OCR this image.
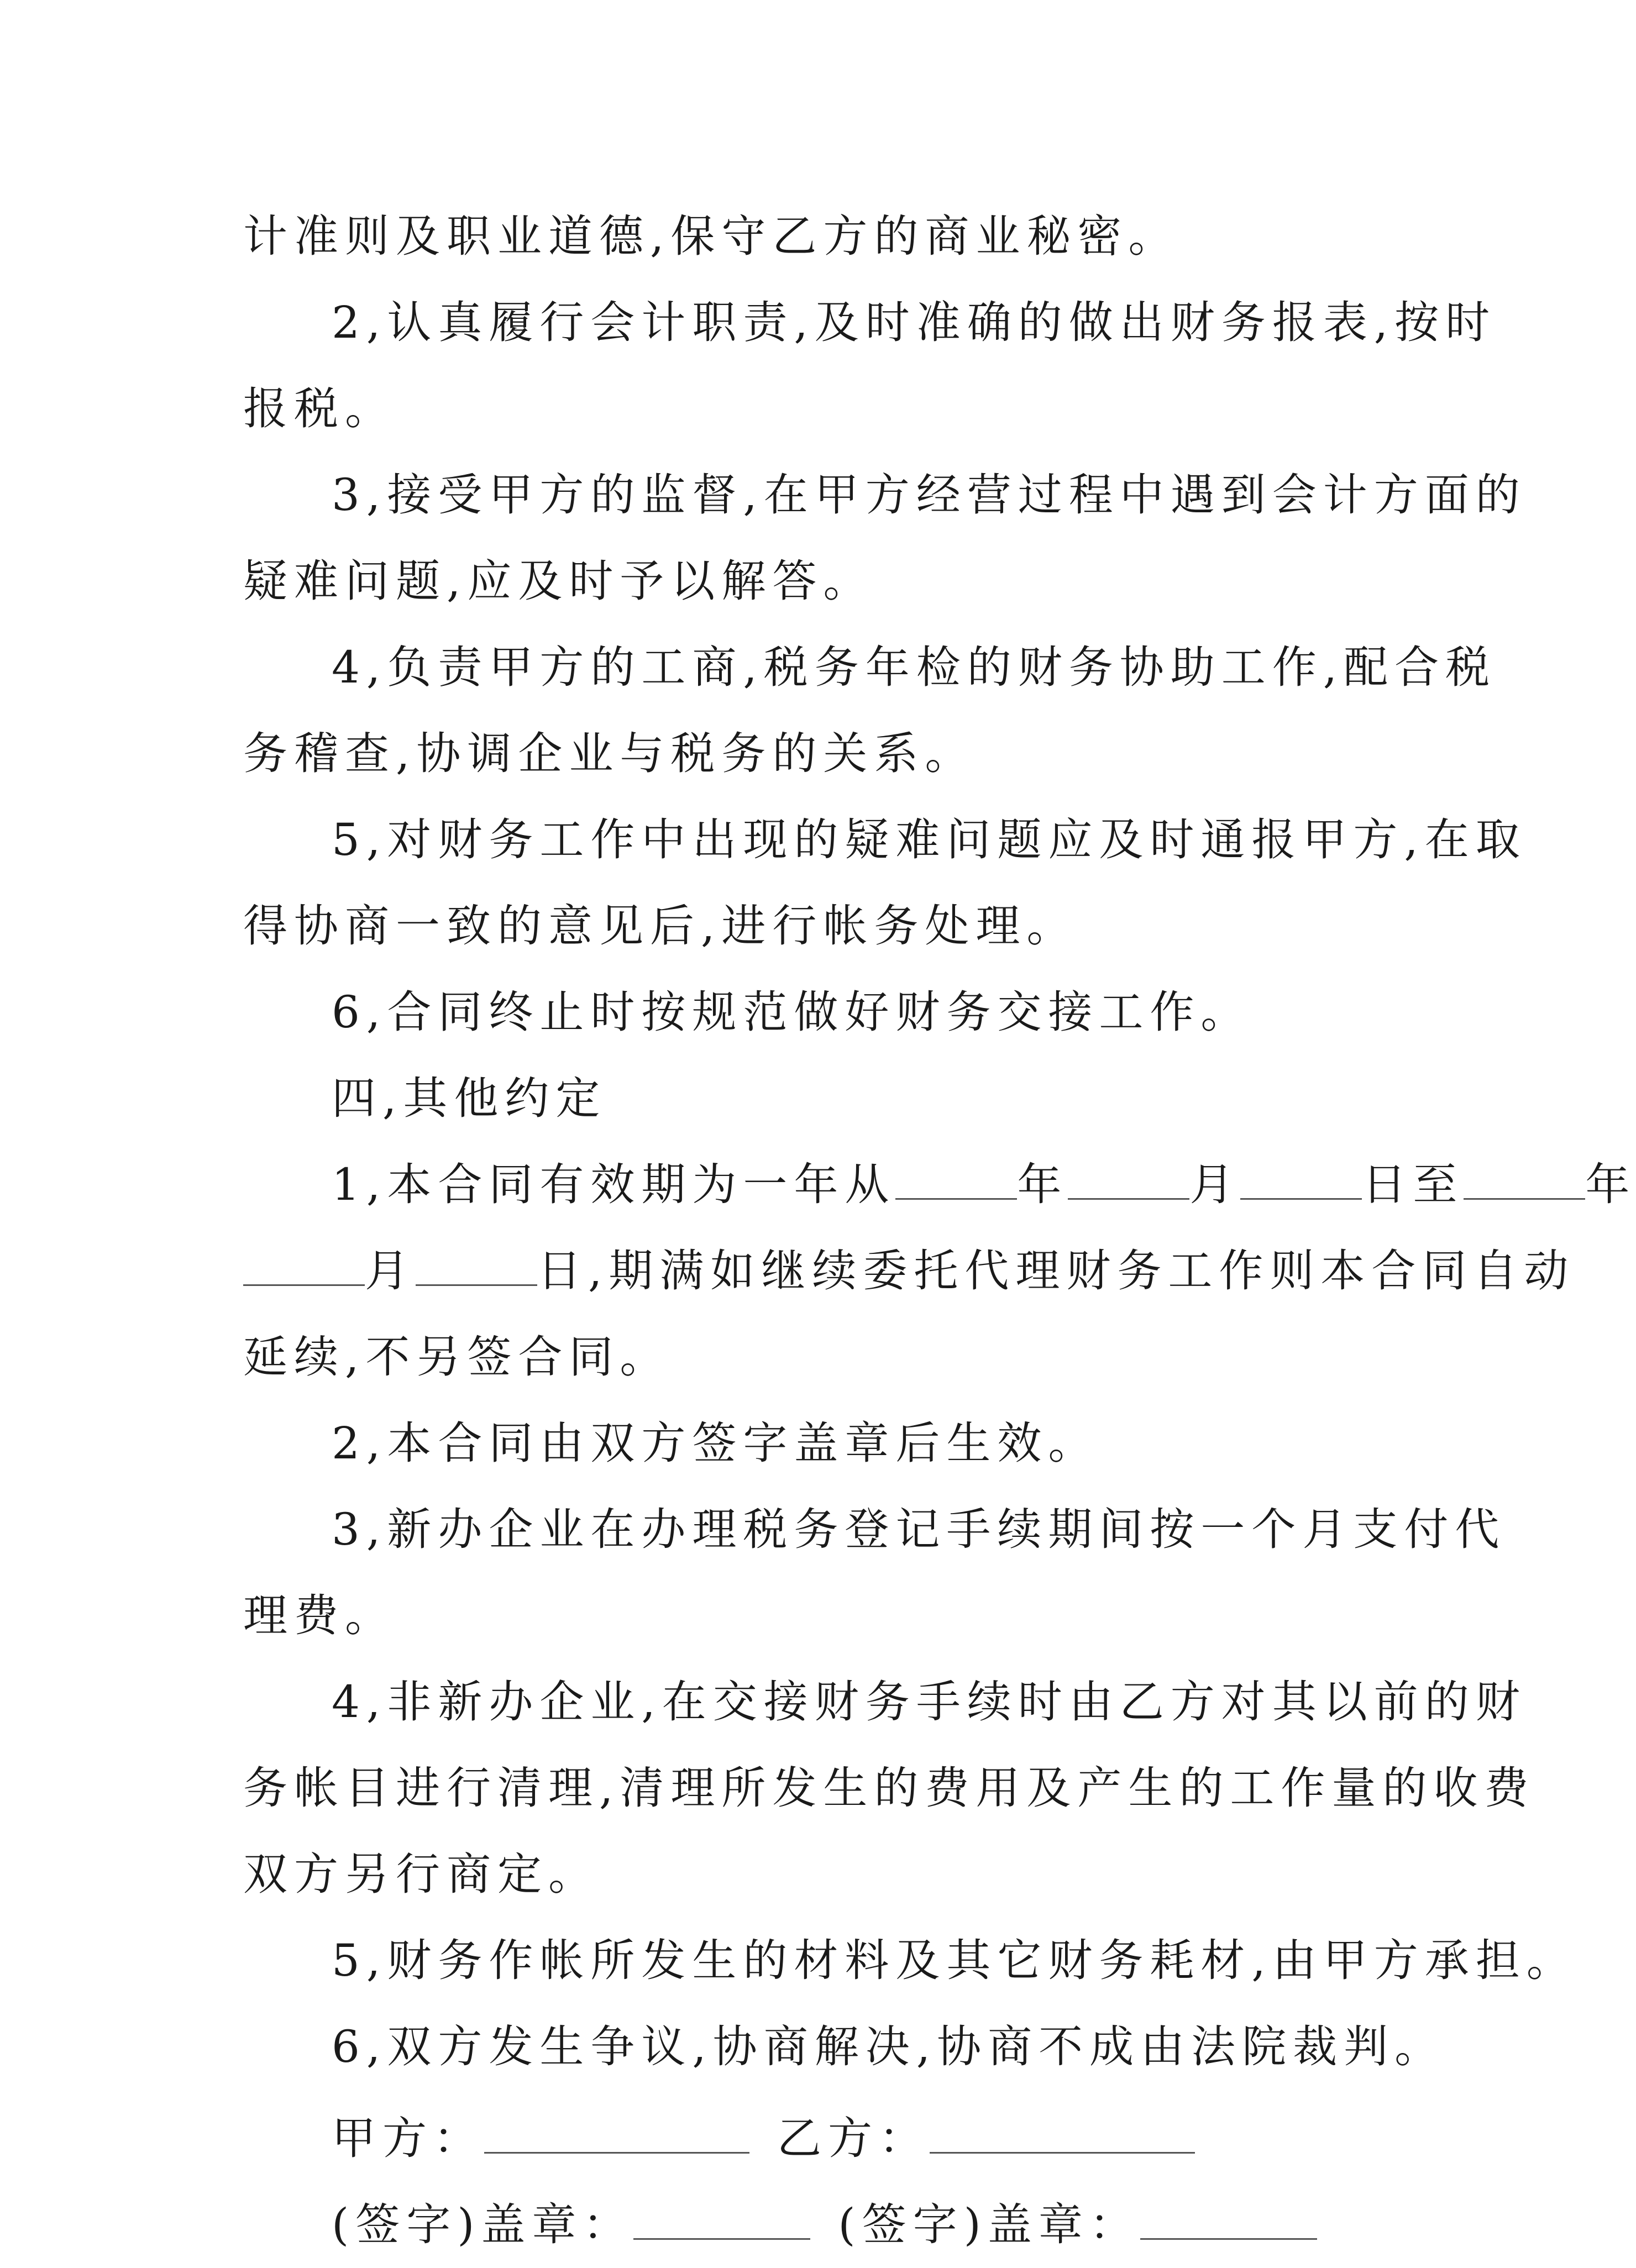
计准则及职业道德,保守乙方的商业秘密。
2,认真履行会计职责,及时准确的做出财务报表,按时
报税。
3,接受甲方的监督,在甲方经营过程中遇到会计方面的
疑难问题,应及时予以解答。
4,负责甲方的工商,税务年检的财务协助工作,配合税
务稽查,协调企业与税务的关系。
5,对财务工作中出现的疑难问题应及时通报甲方,在取
得协商一致的意见后,进行帐务处理。
6,合同终止时按规范做好财务交接工作。
四,其他约定
1,本合同有效期为一年从	年	月	日至	年
月	日,期满如继续委托代理财务工作则本合同自动
延续,不另签合同。
2,本合同由双方签字盖章后生效。
3,新办企业在办理税务登记手续期间按一个月支付代
理费。
4,非新办企业,在交接财务手续时由乙方对其以前的财
务帐目进行清理,清理所发生的费用及产生的工作量的收费
双方另行商定。
5,财务作帐所发生的材料及其它财务耗材,由甲方承担。
6,双方发生争议,协商解决,协商不成由法院裁判。
甲方：	乙方：
(签字)盖章：	(签字)盖章：
